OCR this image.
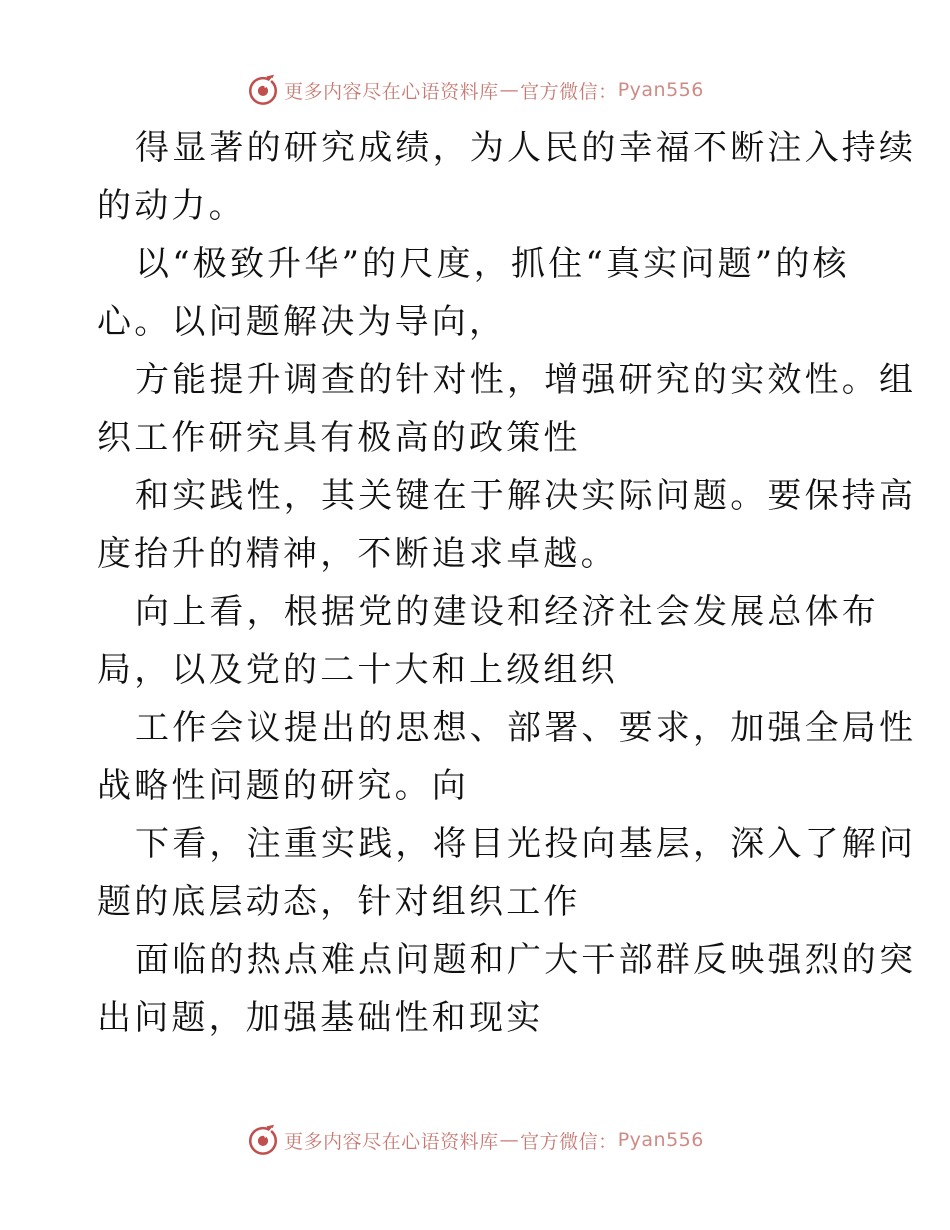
更多内容尽在心语资料库 — 官方微信： Pyan556
得显著的研究成绩，为人民的幸福不断注入持续
的动力。
以“极致升华”的尺度，抓住“真实问题”的核
心。以问题解决为导向，
方能提升调查的针对性，增强研究的实效性。组
织工作研究具有极高的政策性
和实践性，其关键在于解决实际问题。要保持高
度抬升的精神，不断追求卓越。
向上看，根据党的建设和经济社会发展总体布
局，以及党的二十大和上级组织
工作会议提出的思想、部署、要求，加强全局性
战略性问题的研究。向
下看，注重实践，将目光投向基层，深入了解问
题的底层动态，针对组织工作
面临的热点难点问题和广大干部群反映强烈的突
出问题，加强基础性和现实
更多内容尽在心语资料库 — 官方微信： Pyan556
